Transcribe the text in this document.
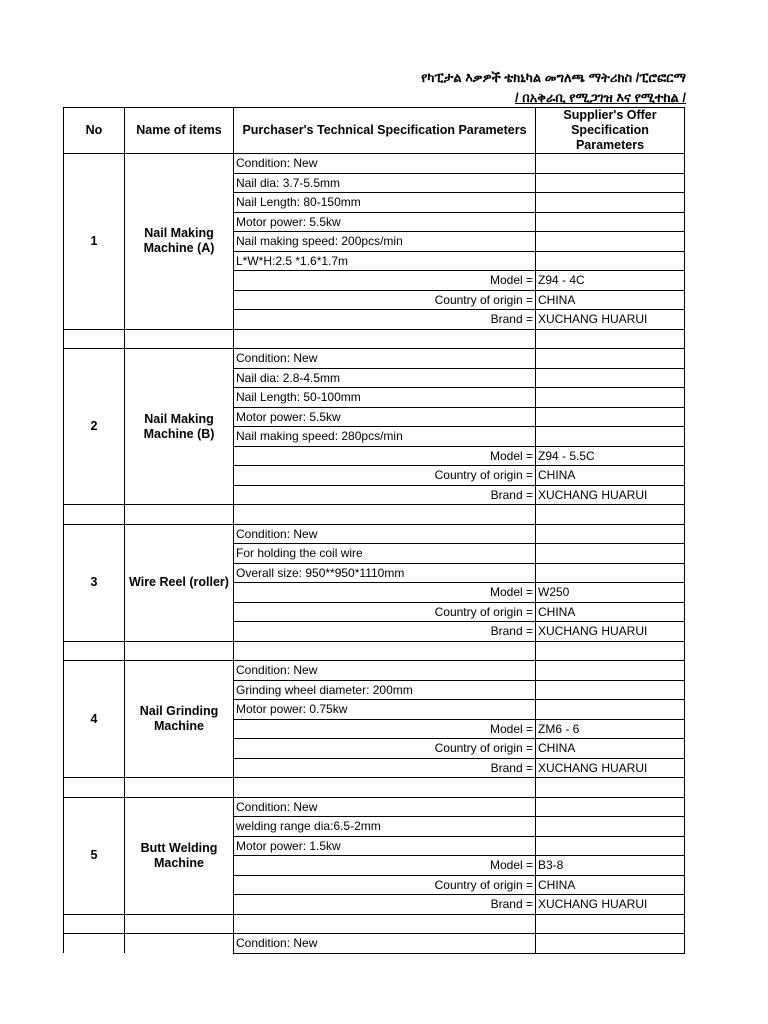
የካፒታል እቃዎች ቴክኒካል መግለጫ ማትሪክስ /ፒሮፎርማ
/ በአቅራቢ የሚጋገዝ እና የሚተከል /
No	Name of items	Purchaser's Technical Specification Parameters	Supplier's Offer Specification Parameters
1	Nail Making Machine (A)	Condition: New	
		Nail dia: 3.7-5.5mm	
		Nail Length: 80-150mm	
		Motor power: 5.5kw	
		Nail making speed: 200pcs/min	
		L*W*H:2.5 *1.6*1.7m	
		Model =	Z94 - 4C
		Country of origin =	CHINA
		Brand =	XUCHANG HUARUI

2	Nail Making Machine (B)	Condition: New	
		Nail dia: 2.8-4.5mm	
		Nail Length: 50-100mm	
		Motor power: 5.5kw	
		Nail making speed: 280pcs/min	
		Model =	Z94 - 5.5C
		Country of origin =	CHINA
		Brand =	XUCHANG HUARUI

3	Wire Reel (roller)	Condition: New	
		For holding the coil wire	
		Overall size: 950**950*1110mm	
		Model =	W250
		Country of origin =	CHINA
		Brand =	XUCHANG HUARUI

4	Nail Grinding Machine	Condition: New	
		Grinding wheel diameter: 200mm	
		Motor power: 0.75kw	
		Model =	ZM6 - 6
		Country of origin =	CHINA
		Brand =	XUCHANG HUARUI

5	Butt Welding Machine	Condition: New	
		welding range dia:6.5-2mm	
		Motor power: 1.5kw	
		Model =	B3-8
		Country of origin =	CHINA
		Brand =	XUCHANG HUARUI

		Condition: New	
